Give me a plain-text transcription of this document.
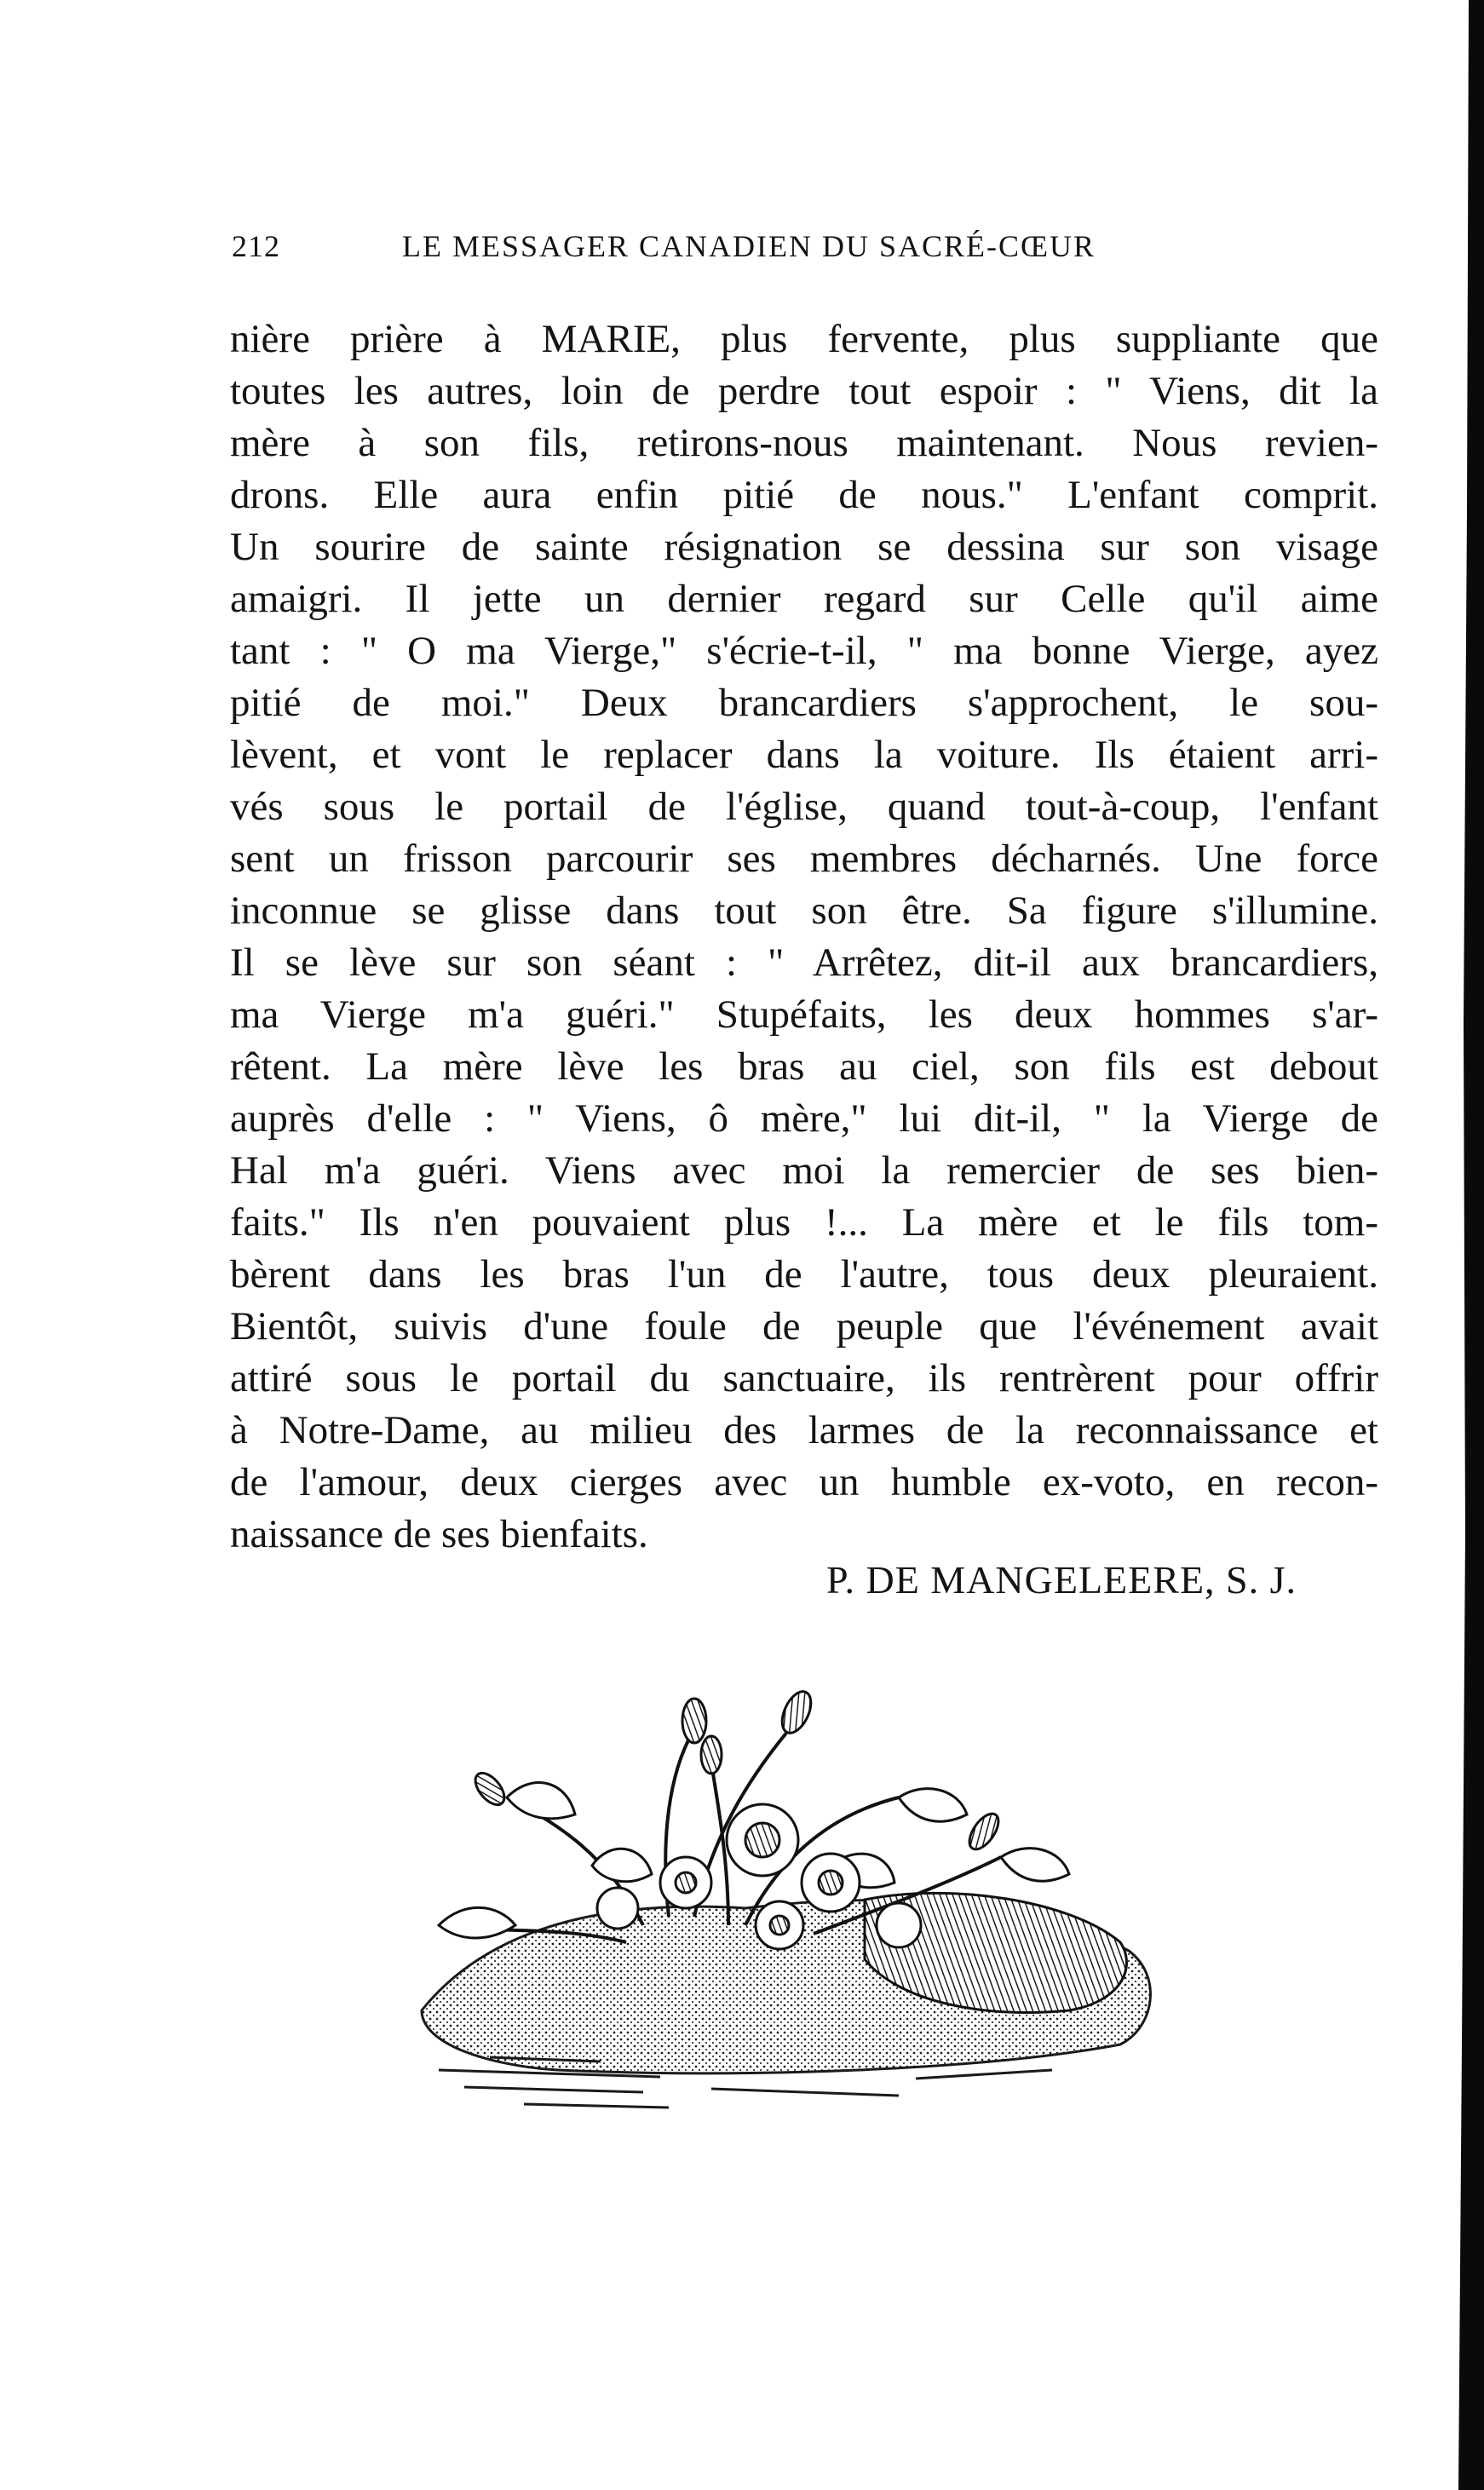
212	LE MESSAGER CANADIEN DU SACRÉ-CŒUR
nière prière à MARIE, plus fervente, plus suppliante que
toutes les autres, loin de perdre tout espoir : " Viens, dit la
mère à son fils, retirons-nous maintenant. Nous revien-
drons. Elle aura enfin pitié de nous." L'enfant comprit.
Un sourire de sainte résignation se dessina sur son visage
amaigri. Il jette un dernier regard sur Celle qu'il aime
tant : " O ma Vierge," s'écrie-t-il, " ma bonne Vierge, ayez
pitié de moi." Deux brancardiers s'approchent, le sou-
lèvent, et vont le replacer dans la voiture. Ils étaient arri-
vés sous le portail de l'église, quand tout-à-coup, l'enfant
sent un frisson parcourir ses membres décharnés. Une force
inconnue se glisse dans tout son être. Sa figure s'illumine.
Il se lève sur son séant : " Arrêtez, dit-il aux brancardiers,
ma Vierge m'a guéri." Stupéfaits, les deux hommes s'ar-
rêtent. La mère lève les bras au ciel, son fils est debout
auprès d'elle : " Viens, ô mère," lui dit-il, " la Vierge de
Hal m'a guéri. Viens avec moi la remercier de ses bien-
faits." Ils n'en pouvaient plus !... La mère et le fils tom-
bèrent dans les bras l'un de l'autre, tous deux pleuraient.
Bientôt, suivis d'une foule de peuple que l'événement avait
attiré sous le portail du sanctuaire, ils rentrèrent pour offrir
à Notre-Dame, au milieu des larmes de la reconnaissance et
de l'amour, deux cierges avec un humble ex-voto, en recon-
naissance de ses bienfaits.
P. DE MANGELEERE, S. J.
